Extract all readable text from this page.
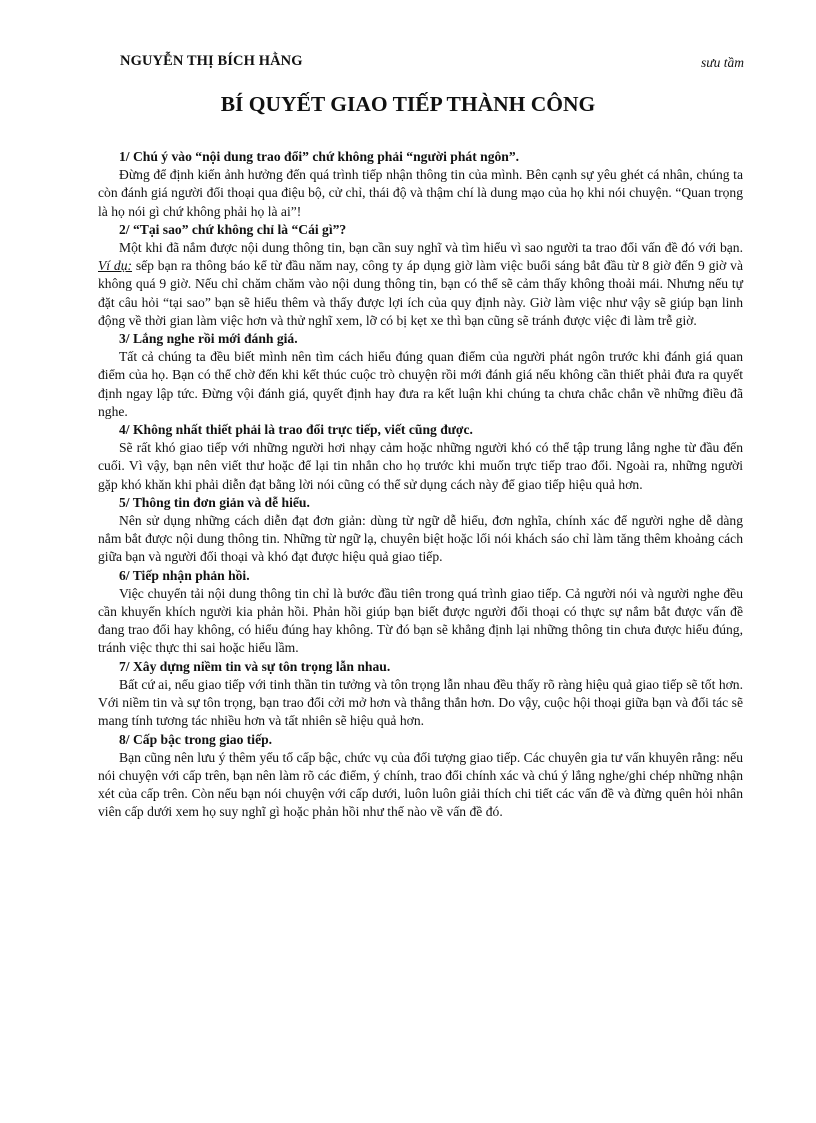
NGUYỄN THỊ BÍCH HẰNG	sưu tầm
BÍ QUYẾT GIAO TIẾP THÀNH CÔNG

1/ Chú ý vào “nội dung trao đổi” chứ không phải “người phát ngôn”.

Đừng để định kiến ảnh hưởng đến quá trình tiếp nhận thông tin của mình. Bên cạnh sự yêu ghét cá nhân, chúng ta còn đánh giá người đối thoại qua điệu bộ, cử chỉ, thái độ và thậm chí là dung mạo của họ khi nói chuyện. “Quan trọng là họ nói gì chứ không phải họ là ai”!

2/ “Tại sao” chứ không chỉ là “Cái gì”?

Một khi đã nắm được nội dung thông tin, bạn cần suy nghĩ và tìm hiểu vì sao người ta trao đổi vấn đề đó với bạn. Ví dụ: sếp bạn ra thông báo kể từ đầu năm nay, công ty áp dụng giờ làm việc buổi sáng bắt đầu từ 8 giờ đến 9 giờ và không quá 9 giờ. Nếu chỉ chăm chăm vào nội dung thông tin, bạn có thể sẽ cảm thấy không thoải mái. Nhưng nếu tự đặt câu hỏi “tại sao” bạn sẽ hiểu thêm và thấy được lợi ích của quy định này. Giờ làm việc như vậy sẽ giúp bạn linh động về thời gian làm việc hơn và thử nghĩ xem, lỡ có bị kẹt xe thì bạn cũng sẽ tránh được việc đi làm trễ giờ.

3/ Lắng nghe rồi mới đánh giá.

Tất cả chúng ta đều biết mình nên tìm cách hiểu đúng quan điểm của người phát ngôn trước khi đánh giá quan điểm của họ. Bạn có thể chờ đến khi kết thúc cuộc trò chuyện rồi mới đánh giá nếu không cần thiết phải đưa ra quyết định ngay lập tức. Đừng vội đánh giá, quyết định hay đưa ra kết luận khi chúng ta chưa chắc chắn về những điều đã nghe.

4/ Không nhất thiết phải là trao đổi trực tiếp, viết cũng được.

Sẽ rất khó giao tiếp với những người hơi nhạy cảm hoặc những người khó có thể tập trung lắng nghe từ đầu đến cuối. Vì vậy, bạn nên viết thư hoặc để lại tin nhắn cho họ trước khi muốn trực tiếp trao đổi. Ngoài ra, những người gặp khó khăn khi phải diễn đạt bằng lời nói cũng có thể sử dụng cách này để giao tiếp hiệu quả hơn.

5/ Thông tin đơn giản và dễ hiểu.

Nên sử dụng những cách diễn đạt đơn giản: dùng từ ngữ dễ hiểu, đơn nghĩa, chính xác để người nghe dễ dàng nắm bắt được nội dung thông tin. Những từ ngữ lạ, chuyên biệt hoặc lối nói khách sáo chỉ làm tăng thêm khoảng cách giữa bạn và người đối thoại và khó đạt được hiệu quả giao tiếp.

6/ Tiếp nhận phản hồi.

Việc chuyển tải nội dung thông tin chỉ là bước đầu tiên trong quá trình giao tiếp. Cả người nói và người nghe đều cần khuyến khích người kia phản hồi. Phản hồi giúp bạn biết được người đối thoại có thực sự nắm bắt được vấn đề đang trao đổi hay không, có hiểu đúng hay không. Từ đó bạn sẽ khẳng định lại những thông tin chưa được hiểu đúng, tránh việc thực thi sai hoặc hiểu lầm.

7/ Xây dựng niềm tin và sự tôn trọng lẫn nhau.

Bất cứ ai, nếu giao tiếp với tinh thần tin tưởng và tôn trọng lẫn nhau đều thấy rõ ràng hiệu quả giao tiếp sẽ tốt hơn. Với niềm tin và sự tôn trọng, bạn trao đổi cởi mở hơn và thẳng thắn hơn. Do vậy, cuộc hội thoại giữa bạn và đối tác sẽ mang tính tương tác nhiều hơn và tất nhiên sẽ hiệu quả hơn.

8/ Cấp bậc trong giao tiếp.

Bạn cũng nên lưu ý thêm yếu tố cấp bậc, chức vụ của đối tượng giao tiếp. Các chuyên gia tư vấn khuyên rằng: nếu nói chuyện với cấp trên, bạn nên làm rõ các điểm, ý chính, trao đổi chính xác và chú ý lắng nghe/ghi chép những nhận xét của cấp trên. Còn nếu bạn nói chuyện với cấp dưới, luôn luôn giải thích chi tiết các vấn đề và đừng quên hỏi nhân viên cấp dưới xem họ suy nghĩ gì hoặc phản hồi như thế nào về vấn đề đó.
